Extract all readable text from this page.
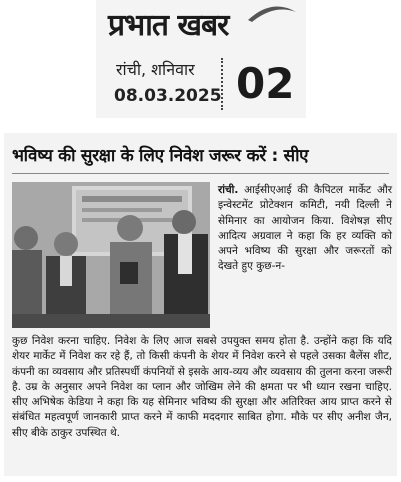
प्रभात खबर
रांची, शनिवार
08.03.2025 02
भविष्य की सुरक्षा के लिए निवेश जरूर करें : सीए
रांची. आईसीएआई की कैपिटल मार्केट और इन्वेस्टमेंट प्रोटेक्शन कमिटी, नयी दिल्ली ने सेमिनार का आयोजन किया. विशेषज्ञ सीए आदित्य अग्रवाल ने कहा कि हर व्यक्ति को अपने भविष्य की सुरक्षा और जरूरतों को देखते हुए कुछ-न-
कुछ निवेश करना चाहिए. निवेश के लिए आज सबसे उपयुक्त समय होता है. उन्होंने कहा कि यदि शेयर मार्केट में निवेश कर रहे हैं, तो किसी कंपनी के शेयर में निवेश करने से पहले उसका बैलेंस शीट, कंपनी का व्यवसाय और प्रतिस्पर्धी कंपनियों से इसके आय-व्यय और व्यवसाय की तुलना करना जरूरी है. उम्र के अनुसार अपने निवेश का प्लान और जोखिम लेने की क्षमता पर भी ध्यान रखना चाहिए. सीए अभिषेक केडिया ने कहा कि यह सेमिनार भविष्य की सुरक्षा और अतिरिक्त आय प्राप्त करने से संबंधित महत्वपूर्ण जानकारी प्राप्त करने में काफी मददगार साबित होगा. मौके पर सीए अनीश जैन, सीए बीके ठाकुर उपस्थित थे.
